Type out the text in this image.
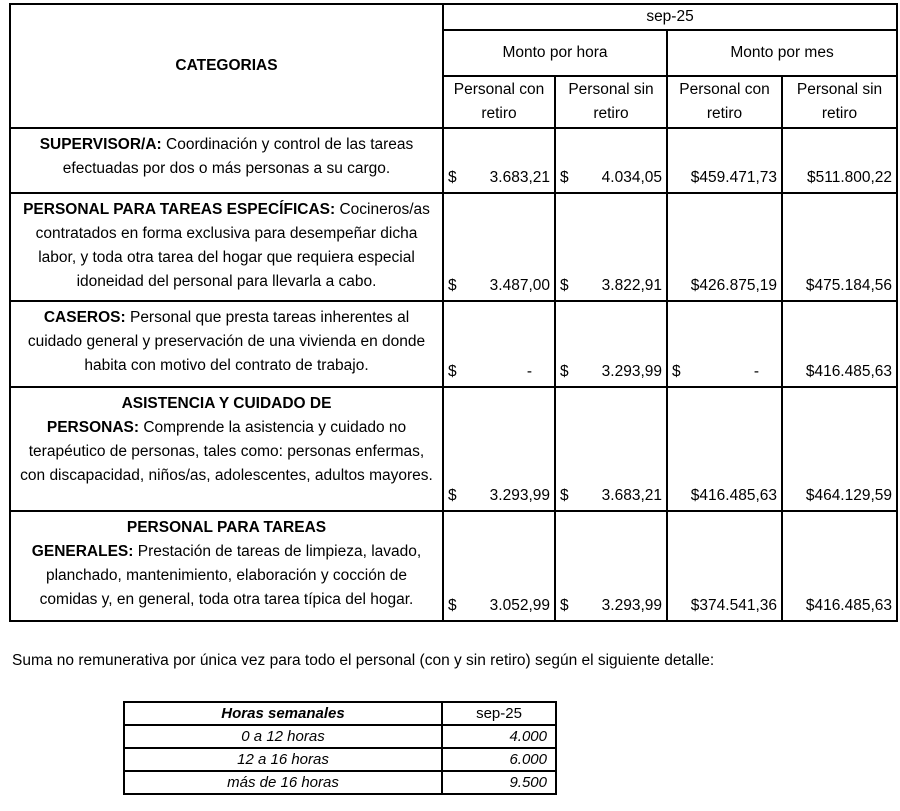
CATEGORIAS	sep-25			
	Monto por hora		Monto por mes	
	Personal con retiro	Personal sin retiro	Personal con retiro	Personal sin retiro
SUPERVISOR/A: Coordinación y control de las tareas efectuadas por dos o más personas a su cargo.	$ 3.683,21	$ 4.034,05	$459.471,73	$511.800,22

PERSONAL PARA TAREAS ESPECÍFICAS: Cocineros/as contratados en forma exclusiva para desempeñar dicha labor, y toda otra tarea del hogar que requiera especial idoneidad del personal para llevarla a cabo.	$ 3.487,00	$ 3.822,91	$426.875,19	$475.184,56

CASEROS: Personal que presta tareas inherentes al cuidado general y preservación de una vivienda en donde habita con motivo del contrato de trabajo.	$ -	$ 3.293,99	$ -	$416.485,63

ASISTENCIA Y CUIDADO DE
PERSONAS: Comprende la asistencia y cuidado no terapéutico de personas, tales como: personas enfermas, con discapacidad, niños/as, adolescentes, adultos mayores.	$ 3.293,99	$ 3.683,21	$416.485,63	$464.129,59

PERSONAL PARA TAREAS
GENERALES: Prestación de tareas de limpieza, lavado, planchado, mantenimiento, elaboración y cocción de comidas y, en general, toda otra tarea típica del hogar.	$ 3.052,99	$ 3.293,99	$374.541,36	$416.485,63
Suma no remunerativa por única vez para todo el personal (con y sin retiro) según el siguiente detalle:
Horas semanales	sep-25
0 a 12 horas	4.000
12 a 16 horas	6.000
más de 16 horas	9.500
